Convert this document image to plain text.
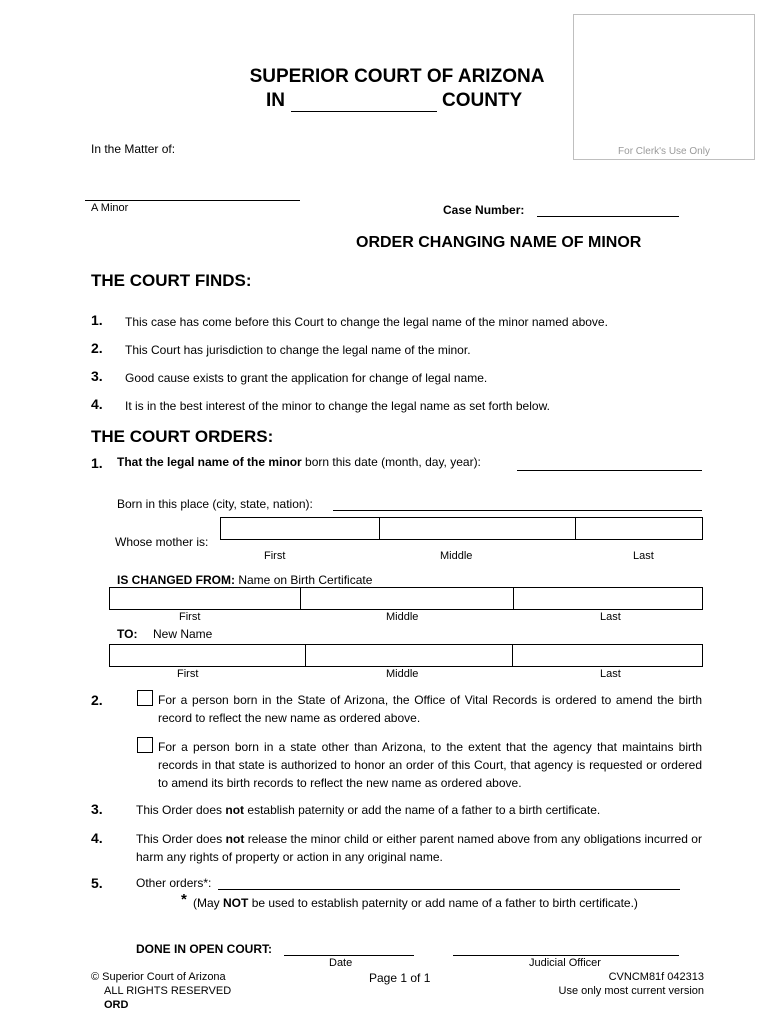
For Clerk's Use Only
SUPERIOR COURT OF ARIZONA
IN	COUNTY
In the Matter of:
A Minor	Case Number:
ORDER CHANGING NAME OF MINOR
THE COURT FINDS:
1. This case has come before this Court to change the legal name of the minor named above.
2. This Court has jurisdiction to change the legal name of the minor.
3. Good cause exists to grant the application for change of legal name.
4. It is in the best interest of the minor to change the legal name as set forth below.
THE COURT ORDERS:
1. That the legal name of the minor born this date (month, day, year):
Born in this place (city, state, nation):
Whose mother is:
First	Middle	Last
IS CHANGED FROM: Name on Birth Certificate
First	Middle	Last
TO: New Name
First	Middle	Last
2.	For a person born in the State of Arizona, the Office of Vital Records is ordered to amend the birth record to reflect the new name as ordered above.
For a person born in a state other than Arizona, to the extent that the agency that maintains birth records in that state is authorized to honor an order of this Court, that agency is requested or ordered to amend its birth records to reflect the new name as ordered above.
3.	This Order does not establish paternity or add the name of a father to a birth certificate.
4.	This Order does not release the minor child or either parent named above from any obligations incurred or harm any rights of property or action in any original name.
5.	Other orders*:
* (May NOT be used to establish paternity or add name of a father to birth certificate.)
DONE IN OPEN COURT:
Date	Judicial Officer
© Superior Court of Arizona
ALL RIGHTS RESERVED
ORD
Page 1 of 1	CVNCM81f 042313
Use only most current version
